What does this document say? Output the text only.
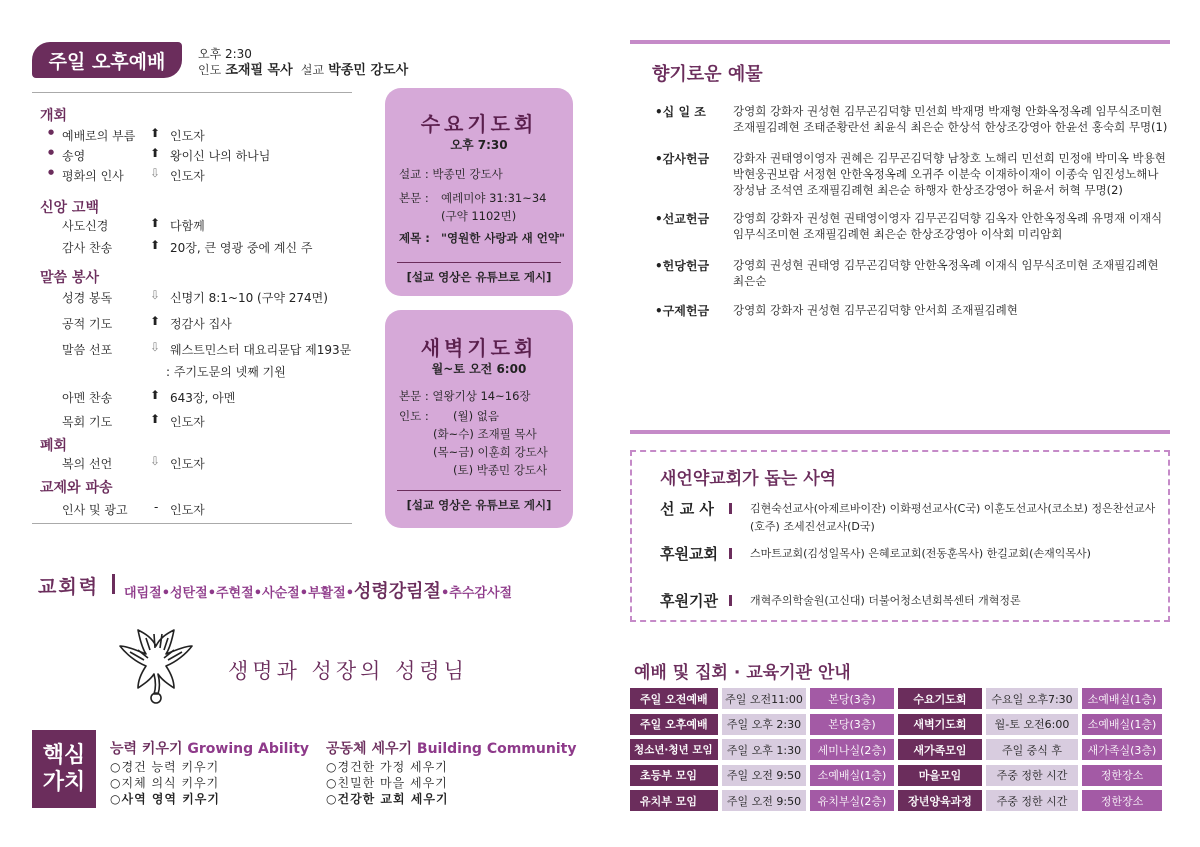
주일 오후예배	오후 2:30
인도 조재필 목사 설교 박종민 강도사
개회
● 예배로의 부름 ⬆ 인도자
● 송영	⬆ 왕이신 나의 하나님
● 평화의 인사 ⇩ 인도자
신앙 고백
사도신경	⬆ 다함께
감사 찬송	⬆ 20장, 큰 영광 중에 계신 주
말씀 봉사
성경 봉독	⇩ 신명기 8:1~10 (구약 274면)
공적 기도	⬆ 정감사 집사
말씀 선포	⇩ 웨스트민스터 대요리문답 제193문
: 주기도문의 넷째 기원
아멘 찬송	⬆ 643장, 아멘
목회 기도	⬆ 인도자
폐회
복의 선언	⇩ 인도자
교제와 파송
인사 및 광고 - 인도자
수요기도회
오후 7:30
설교 : 박종민 강도사
본문 : 예레미야 31:31~34
(구약 1102면)
제목 : "영원한 사랑과 새 언약"
[설교 영상은 유튜브로 게시]
새벽기도회
월~토 오전 6:00
본문 : 열왕기상 14~16장
인도 : (월) 없음
(화~수) 조재필 목사
(목~금) 이훈희 강도사
(토) 박종민 강도사
[설교 영상은 유튜브로 게시]
교회력 대림절•성탄절•주현절•사순절•부활절•성령강림절•추수감사절
생명과 성장의 성령님
핵심 가치
능력 키우기 Growing Ability
○경건 능력 키우기
○지체 의식 키우기
○사역 영역 키우기
공동체 세우기 Building Community
○경건한 가정 세우기
○친밀한 마을 세우기
○건강한 교회 세우기
향기로운 예물
•십 일 조 강영희 강화자 권성현 김무곤김덕향 민선희 박재명 박재형 안화옥정옥례 임무식조미현 조재필김례현 조태준황란선 최윤식 최은순 한상석 한상조강영아 한윤선 홍숙희 무명(1)
•감사헌금 강화자 권태영이영자 권혜은 김무곤김덕향 남창호 노해리 민선희 민정애 박미옥 박용현 박현웅권보람 서정현 안한옥정옥례 오귀주 이분숙 이재하이재이 이종숙 임진성노해나 장성남 조석연 조재필김례현 최은순 하행자 한상조강영아 허윤서 허혁 무명(2)
•선교헌금 강영희 강화자 권성현 권태영이영자 김무곤김덕향 김옥자 안한옥정옥례 유명재 이재식 임무식조미현 조재필김례현 최은순 한상조강영아 이삭회 미리암회
•헌당헌금 강영희 권성현 권태영 김무곤김덕향 안한옥정옥례 이재식 임무식조미현 조재필김례현 최은순
•구제헌금 강영희 강화자 권성현 김무곤김덕향 안서희 조재필김례현
새언약교회가 돕는 사역
선 교 사	김현숙선교사(아제르바이잔) 이화평선교사(C국) 이훈도선교사(코소보) 정은찬선교사(호주) 조세진선교사(D국)
후원교회	스마트교회(김성일목사) 은혜로교회(전동훈목사) 한길교회(손재익목사)
후원기관	개혁주의학술원(고신대) 더불어청소년회복센터 개혁정론
예배 및 집회 · 교육기관 안내
주일 오전예배	주일 오전11:00	본당(3층)	수요기도회	수요일 오후7:30	소예배실(1층)
주일 오후예배	주일 오후 2:30	본당(3층)	새벽기도회	월-토 오전6:00	소예배실(1층)
청소년·청년 모임	주일 오후 1:30	세미나실(2층)	새가족모임	주일 중식 후	새가족실(3층)
초등부 모임	주일 오전 9:50	소예배실(1층)	마을모임	주중 정한 시간	정한장소
유치부 모임	주일 오전 9:50	유치부실(2층)	장년양육과정	주중 정한 시간	정한장소
